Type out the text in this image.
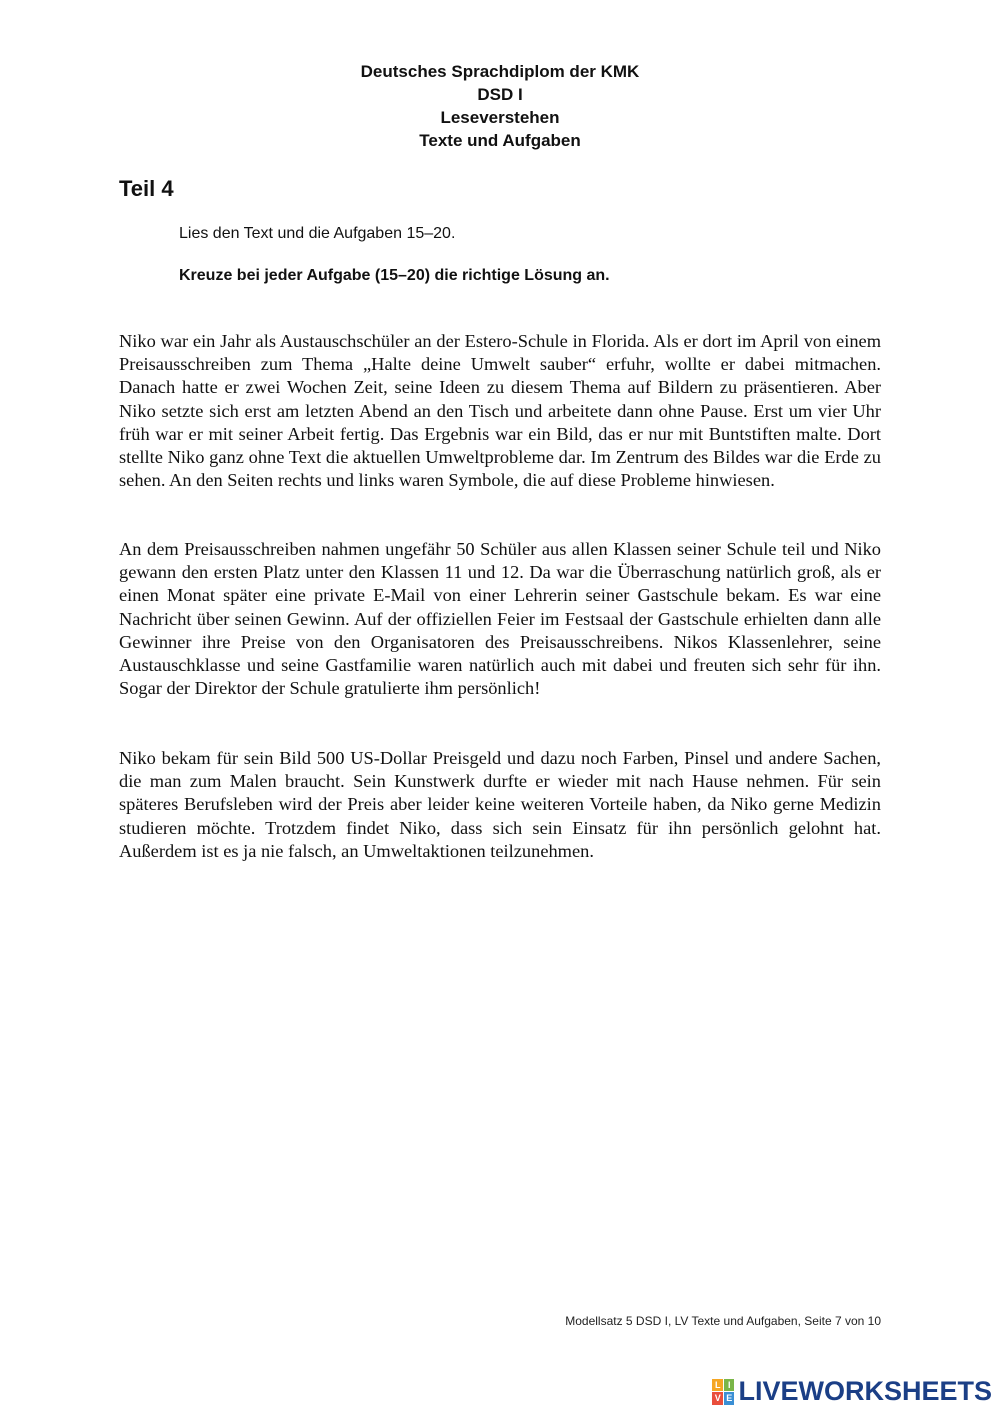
Deutsches Sprachdiplom der KMK
DSD I
Leseverstehen
Texte und Aufgaben
Teil 4
Lies den Text und die Aufgaben 15–20.
Kreuze bei jeder Aufgabe (15–20) die richtige Lösung an.

Niko war ein Jahr als Austauschschüler an der Estero-Schule in Florida. Als er dort im April von einem Preisausschreiben zum Thema „Halte deine Umwelt sauber“ erfuhr, wollte er dabei mitmachen. Danach hatte er zwei Wochen Zeit, seine Ideen zu diesem Thema auf Bildern zu präsentieren. Aber Niko setzte sich erst am letzten Abend an den Tisch und arbeitete dann ohne Pause. Erst um vier Uhr früh war er mit seiner Arbeit fertig. Das Ergebnis war ein Bild, das er nur mit Buntstiften malte. Dort stellte Niko ganz ohne Text die aktuellen Umweltprobleme dar. Im Zentrum des Bildes war die Erde zu sehen. An den Seiten rechts und links waren Symbole, die auf diese Probleme hinwiesen.

An dem Preisausschreiben nahmen ungefähr 50 Schüler aus allen Klassen seiner Schule teil und Niko gewann den ersten Platz unter den Klassen 11 und 12. Da war die Überraschung natürlich groß, als er einen Monat später eine private E-Mail von einer Lehrerin seiner Gastschule bekam. Es war eine Nachricht über seinen Gewinn. Auf der offiziellen Feier im Festsaal der Gastschule erhielten dann alle Gewinner ihre Preise von den Organisatoren des Preisausschreibens. Nikos Klassenlehrer, seine Austauschklasse und seine Gastfamilie waren natürlich auch mit dabei und freuten sich sehr für ihn. Sogar der Direktor der Schule gratulierte ihm persönlich!

Niko bekam für sein Bild 500 US-Dollar Preisgeld und dazu noch Farben, Pinsel und andere Sachen, die man zum Malen braucht. Sein Kunstwerk durfte er wieder mit nach Hause nehmen. Für sein späteres Berufsleben wird der Preis aber leider keine weiteren Vorteile haben, da Niko gerne Medizin studieren möchte. Trotzdem findet Niko, dass sich sein Einsatz für ihn persönlich gelohnt hat. Außerdem ist es ja nie falsch, an Umweltaktionen teilzunehmen.

Modellsatz 5 DSD I, LV Texte und Aufgaben, Seite 7 von 10
L I
V E LIVEWORKSHEETS
